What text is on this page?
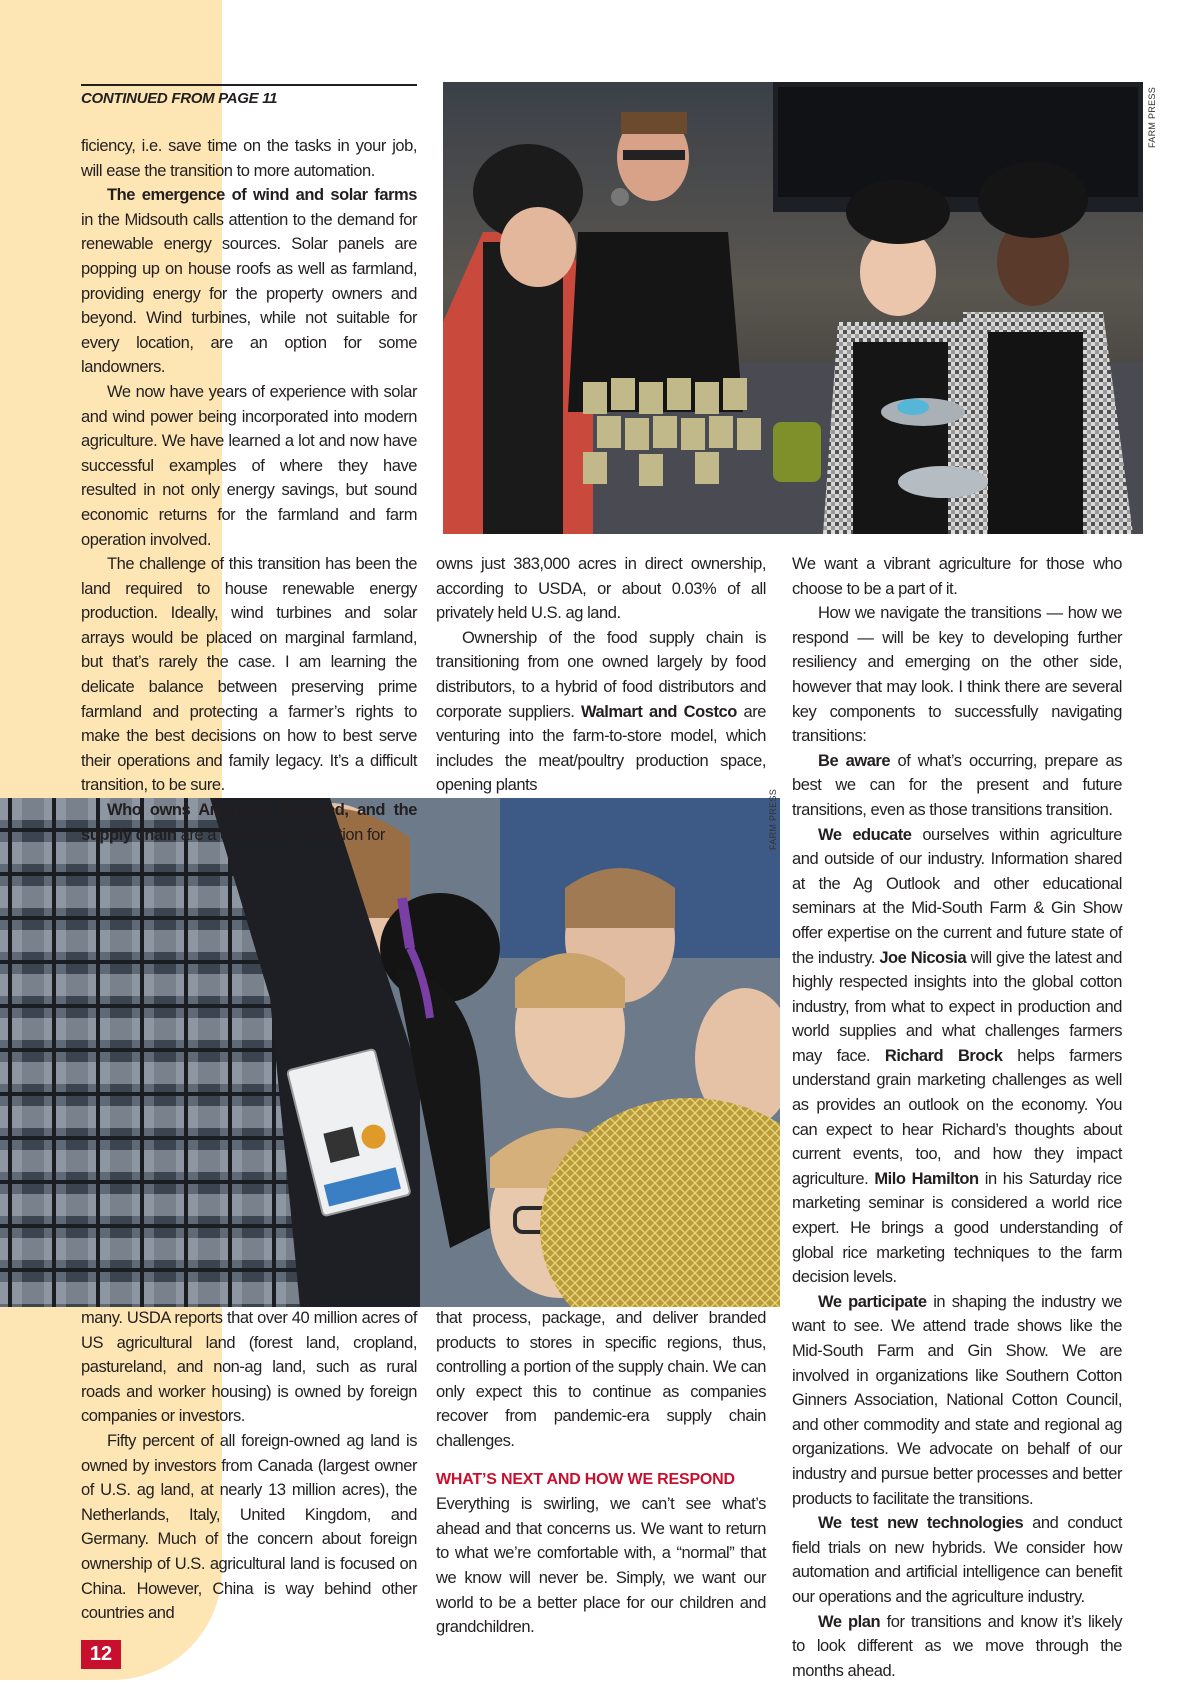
CONTINUED FROM PAGE 11	FARM PRESS
FARM PRESS

ficiency, i.e. save time on the tasks in your job, will ease the transition to more automation.

The emergence of wind and solar farms in the Midsouth calls attention to the demand for renewable energy sources. Solar panels are popping up on house roofs as well as farmland, providing energy for the property owners and beyond. Wind turbines, while not suitable for every location, are an option for some landowners.

We now have years of experience with solar and wind power being incorporated into modern agriculture. We have learned a lot and now have successful examples of where they have resulted in not only energy savings, but sound economic returns for the farmland and farm operation involved.

The challenge of this transition has been the land required to house renewable energy production. Ideally, wind turbines and solar arrays would be placed on marginal farmland, but that’s rarely the case. I am learning the delicate balance between preserving prime farmland and protecting a farmer’s rights to make the best decisions on how to best serve their operations and family legacy. It’s a difficult transition, to be sure.

Who owns American farmland, and the supply chain are a concerning transition for

owns just 383,000 acres in direct ownership, according to USDA, or about 0.03% of all privately held U.S. ag land.

Ownership of the food supply chain is transitioning from one owned largely by food distributors, to a hybrid of food distributors and corporate suppliers. Walmart and Costco are venturing into the farm-to-store model, which includes the meat/poultry production space, opening plants

We want a vibrant agriculture for those who choose to be a part of it.

How we navigate the transitions — how we respond — will be key to developing further resiliency and emerging on the other side, however that may look. I think there are several key components to successfully navigating transitions:

Be aware of what’s occurring, prepare as best we can for the present and future transitions, even as those transitions transition.

We educate ourselves within agriculture and outside of our industry. Information shared at the Ag Outlook and other educational seminars at the Mid-South Farm & Gin Show offer expertise on the current and future state of the industry. Joe Nicosia will give the latest and highly respected insights into the global cotton industry, from what to expect in production and world supplies and what challenges farmers may face. Richard Brock helps farmers understand grain marketing challenges as well as provides an outlook on the economy. You can expect to hear Richard’s thoughts about current events, too, and how they impact agriculture. Milo Hamilton in his Saturday rice marketing seminar is considered a world rice expert. He brings a good understanding of global rice marketing techniques to the farm decision levels.

We participate in shaping the industry we want to see. We attend trade shows like the Mid-South Farm and Gin Show. We are involved in organizations like Southern Cotton Ginners Association, National Cotton Council, and other commodity and state and regional ag organizations. We advocate on behalf of our industry and pursue better processes and better products to facilitate the transitions.

We test new technologies and conduct field trials on new hybrids. We consider how automation and artificial intelligence can benefit our operations and the agriculture industry.

We plan for transitions and know it’s likely to look different as we move through the months ahead.

many. USDA reports that over 40 million acres of US agricultural land (forest land, cropland, pastureland, and non-ag land, such as rural roads and worker housing) is owned by foreign companies or investors.

Fifty percent of all foreign-owned ag land is owned by investors from Canada (largest owner of U.S. ag land, at nearly 13 million acres), the Netherlands, Italy, United Kingdom, and Germany. Much of the concern about foreign ownership of U.S. agricultural land is focused on China. However, China is way behind other countries and

that process, package, and deliver branded products to stores in specific regions, thus, controlling a portion of the supply chain. We can only expect this to continue as companies recover from pandemic-era supply chain challenges.

WHAT’S NEXT AND HOW WE RESPOND

Everything is swirling, we can’t see what’s ahead and that concerns us. We want to return to what we’re comfortable with, a “normal” that we know will never be. Simply, we want our world to be a better place for our children and grandchildren.

12
